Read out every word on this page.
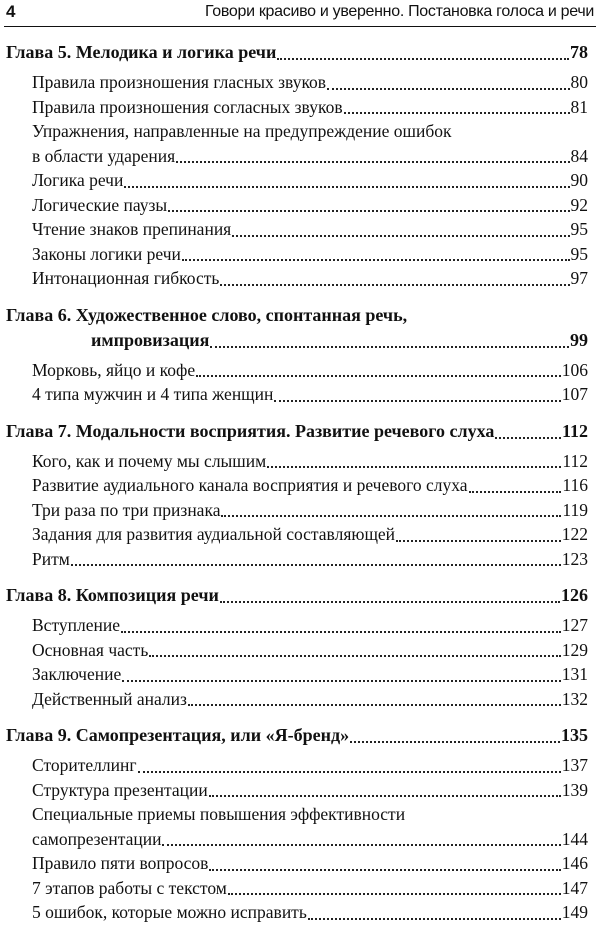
4	Говори красиво и уверенно. Постановка голоса и речи
Глава 5. Мелодика и логика речи	78
Правила произношения гласных звуков	80
Правила произношения согласных звуков	81
Упражнения, направленные на предупреждение ошибок
в области ударения	84
Логика речи	90
Логические паузы	92
Чтение знаков препинания	95
Законы логики речи	95
Интонационная гибкость	97
Глава 6. Художественное слово, спонтанная речь,
импровизация	99
Морковь, яйцо и кофе	106
4 типа мужчин и 4 типа женщин	107
Глава 7. Модальности восприятия. Развитие речевого слуха	112
Кого, как и почему мы слышим	112
Развитие аудиального канала восприятия и речевого слуха	116
Три раза по три признака	119
Задания для развития аудиальной составляющей	122
Ритм	123
Глава 8. Композиция речи	126
Вступление	127
Основная часть	129
Заключение	131
Действенный анализ	132
Глава 9. Самопрезентация, или «Я-бренд»	135
Сторителлинг	137
Структура презентации	139
Специальные приемы повышения эффективности
самопрезентации	144
Правило пяти вопросов	146
7 этапов работы с текстом	147
5 ошибок, которые можно исправить	149
